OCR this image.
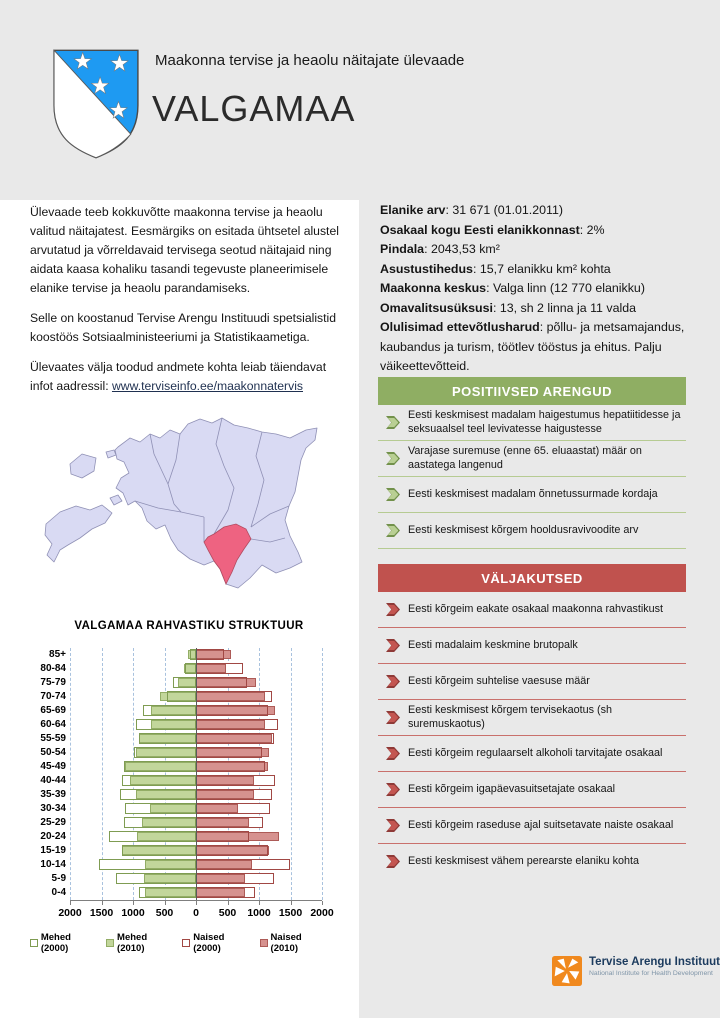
Maakonna tervise ja heaolu näitajate ülevaade
VALGAMAA

Ülevaade teeb kokkuvõtte maakonna tervise ja heaolu valitud näitajatest. Eesmärgiks on esitada ühtsetel alustel arvutatud ja võrreldavaid tervisega seotud näitajaid ning aidata kaasa kohaliku tasandi tegevuste planeerimisele elanike tervise ja heaolu parandamiseks.

Selle on koostanud Tervise Arengu Instituudi spetsialistid koostöös Sotsiaalministeeriumi ja Statistikaametiga.

Ülevaates välja toodud andmete kohta leiab täiendavat infot aadressil: www.terviseinfo.ee/maakonnatervis

VALGAMAA RAHVASTIKU STRUKTUUR
85+
80-84
75-79
70-74
65-69
60-64
55-59
50-54
45-49
40-44
35-39
30-34
25-29
20-24
15-19
10-14
5-9
0-4
2000 1500 1000 500 0 500 1000 1500 2000
Mehed (2000)
Mehed (2010)
Naised (2000)
Naised (2010)
Elanike arv: 31 671 (01.01.2011)
Osakaal kogu Eesti elanikkonnast: 2%
Pindala: 2043,53 km²
Asustustihedus: 15,7 elanikku km² kohta
Maakonna keskus: Valga linn (12 770 elanikku)
Omavalitsusüksusi: 13, sh 2 linna ja 11 valda
Olulisimad ettevõtlusharud: põllu- ja metsamajandus, kaubandus ja turism, töötlev tööstus ja ehitus. Palju väikeettevõtteid.
POSITIIVSED ARENGUD
Eesti keskmisest madalam haigestumus hepatiitidesse ja seksuaalsel teel levivatesse haigustesse
Varajase suremuse (enne 65. eluaastat) määr on aastatega langenud
Eesti keskmisest madalam õnnetussurmade kordaja
Eesti keskmisest kõrgem hooldusravivoodite arv
VÄLJAKUTSED
Eesti kõrgeim eakate osakaal maakonna rahvastikust
Eesti madalaim keskmine brutopalk
Eesti kõrgeim suhtelise vaesuse määr
Eesti keskmisest kõrgem tervisekaotus (sh suremuskaotus)
Eesti kõrgeim regulaarselt alkoholi tarvitajate osakaal
Eesti kõrgeim igapäevasuitsetajate osakaal
Eesti kõrgeim raseduse ajal suitsetavate naiste osakaal
Eesti keskmisest vähem perearste elaniku kohta
Tervise Arengu Instituut
National Institute for Health Development
